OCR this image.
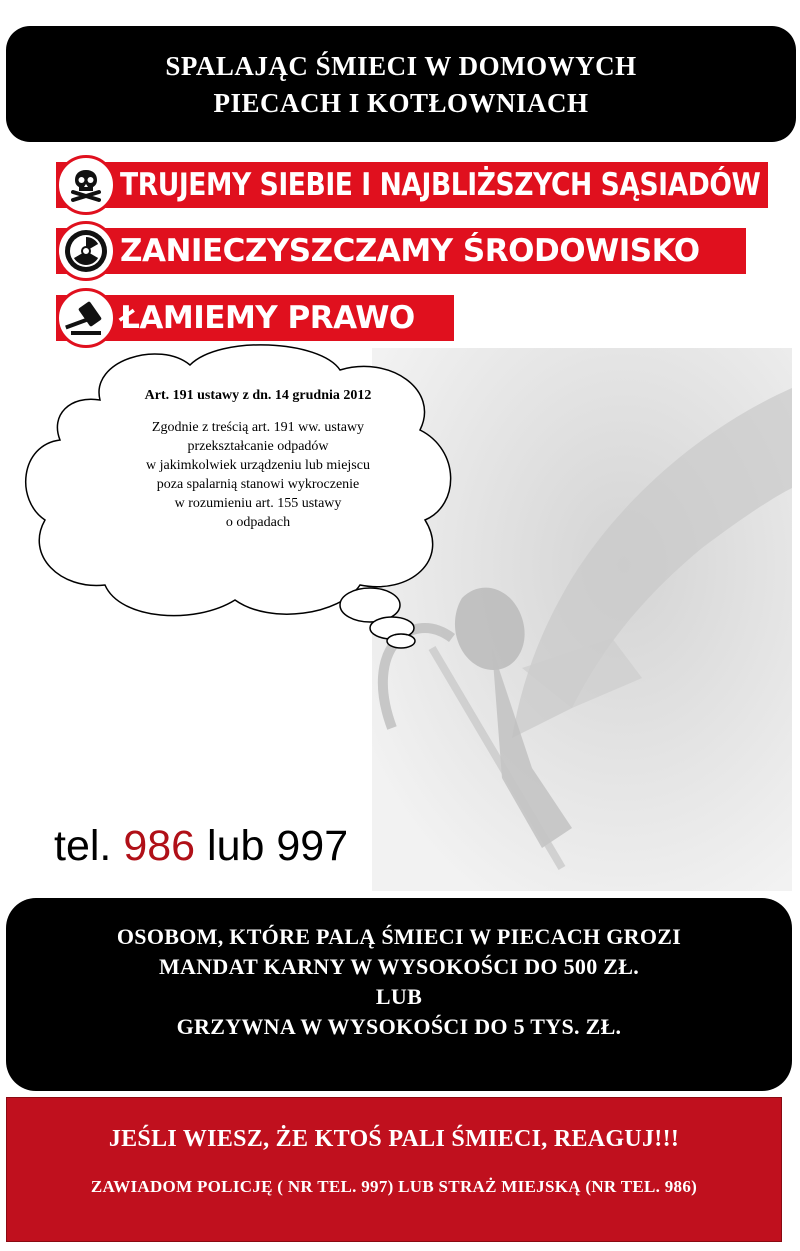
SPALAJĄC ŚMIECI W DOMOWYCH
PIECACH I KOTŁOWNIACH
TRUJEMY SIEBIE I NAJBLIŻSZYCH SĄSIADÓW
ZANIECZYSZCZAMY ŚRODOWISKO
ŁAMIEMY PRAWO
Art. 191 ustawy z dn. 14 grudnia 2012
Zgodnie z treścią art. 191 ww. ustawy
przekształcanie odpadów
w jakimkolwiek urządzeniu lub miejscu
poza spalarnią stanowi wykroczenie
w rozumieniu art. 155 ustawy
o odpadach
tel. 986 lub 997
OSOBOM, KTÓRE PALĄ ŚMIECI W PIECACH GROZI
MANDAT KARNY W WYSOKOŚCI DO 500 ZŁ.
LUB
GRZYWNA W WYSOKOŚCI DO 5 TYS. ZŁ.
JEŚLI WIESZ, ŻE KTOŚ PALI ŚMIECI, REAGUJ!!!
ZAWIADOM POLICJĘ ( NR TEL. 997) LUB STRAŻ MIEJSKĄ (NR TEL. 986)
